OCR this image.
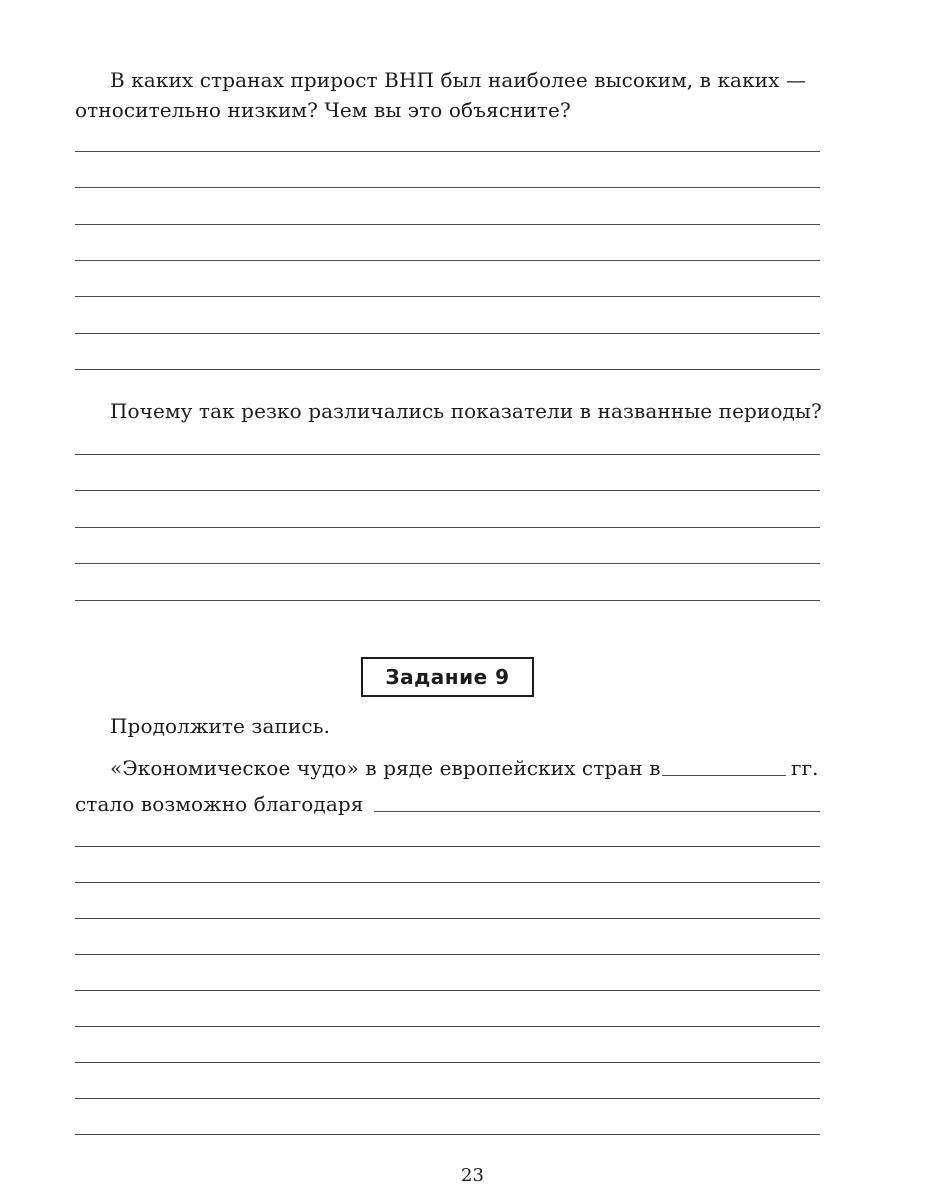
В каких странах прирост ВНП был наиболее высоким, в каких —
относительно низким? Чем вы это объясните?
Почему так резко различались показатели в названные периоды?
Задание 9
Продолжите запись.
«Экономическое чудо» в ряде европейских стран в	гг.
стало возможно благодаря
23
